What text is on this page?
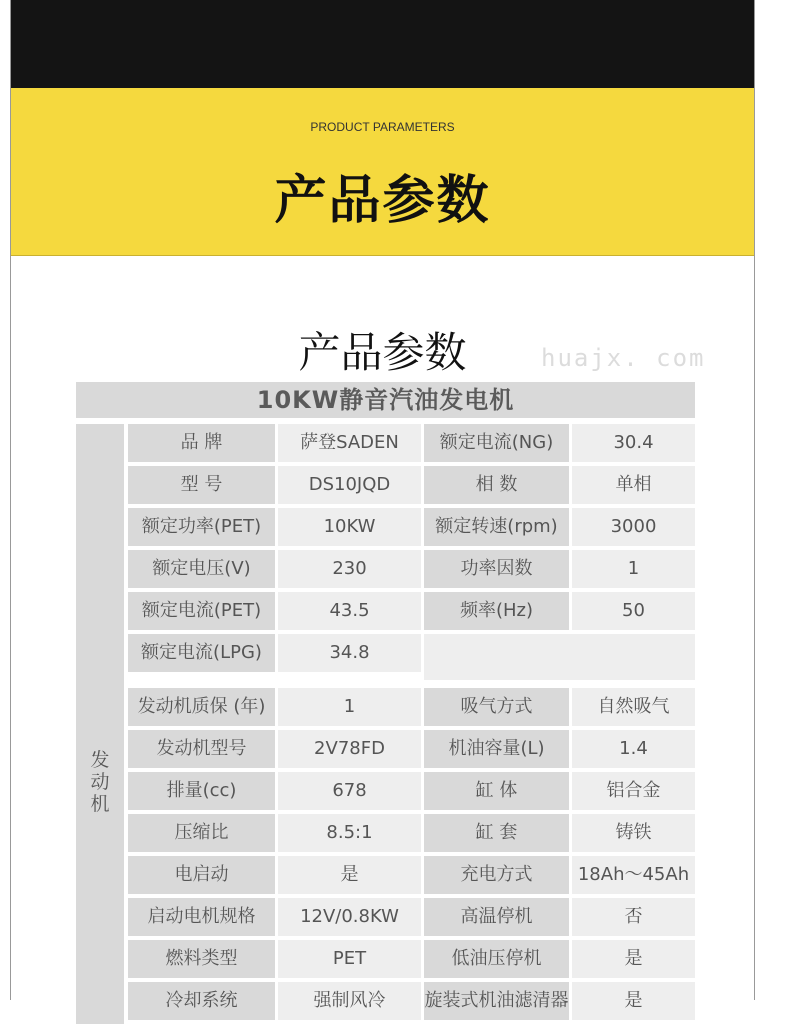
PRODUCT PARAMETERS
产品参数
产品参数	huajx. com
10KW静音汽油发电机
发
动
机
品 牌	萨登SADEN	额定电流(NG)	30.4
型 号	DS10JQD	相 数	单相
额定功率(PET)	10KW	额定转速(rpm)	3000
额定电压(V)	230	功率因数	1
额定电流(PET)	43.5	频率(Hz)	50
额定电流(LPG)	34.8
发动机质保 (年)	1	吸气方式	自然吸气
发动机型号	2V78FD	机油容量(L)	1.4
排量(cc)	678	缸 体	铝合金
压缩比	8.5:1	缸 套	铸铁
电启动	是	充电方式	18Ah～45Ah
启动电机规格	12V/0.8KW	高温停机	否
燃料类型	PET	低油压停机	是
冷却系统	强制风冷	旋装式机油滤清器	是
